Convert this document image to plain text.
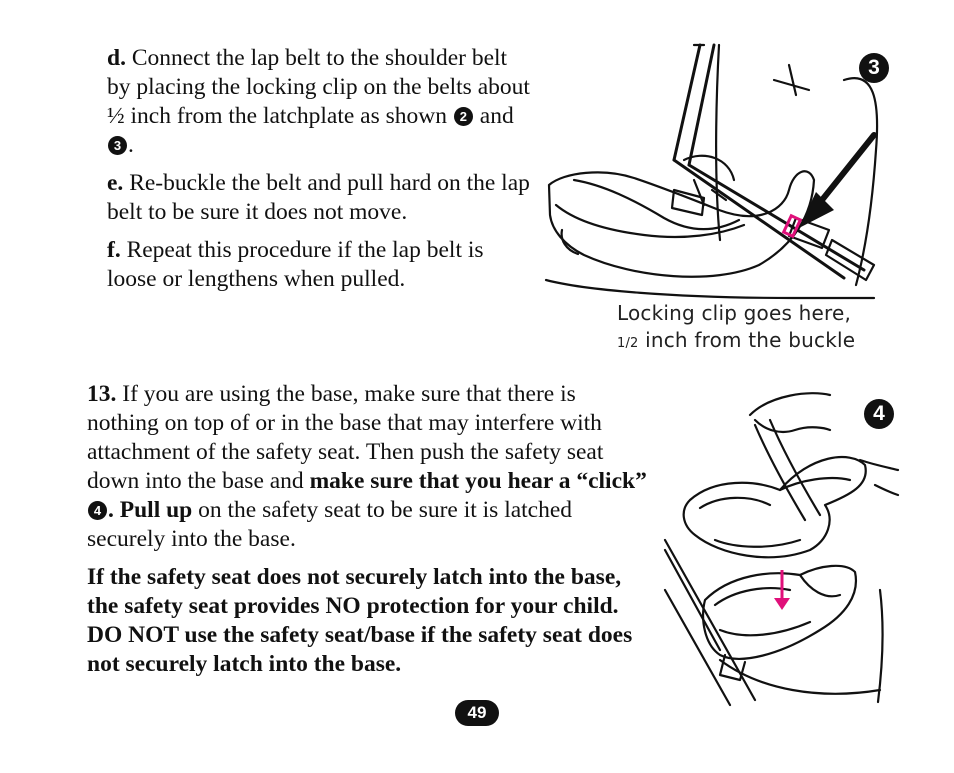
d. Connect the lap belt to the shoulder belt by placing the locking clip on the belts about ½ inch from the latchplate as shown 2 and 3 .

e. Re-buckle the belt and pull hard on the lap belt to be sure it does not move.

f. Repeat this procedure if the lap belt is loose or lengthens when pulled.

3
Locking clip goes here,
1/2 inch from the buckle

13. If you are using the base, make sure that there is nothing on top of or in the base that may interfere with attachment of the safety seat. Then push the safety seat down into the base and make sure that you hear a “click” 4 . Pull up on the safety seat to be sure it is latched securely into the base.

If the safety seat does not securely latch into the base, the safety seat provides NO protection for your child. DO NOT use the safety seat/base if the safety seat does not securely latch into the base.

4
49
